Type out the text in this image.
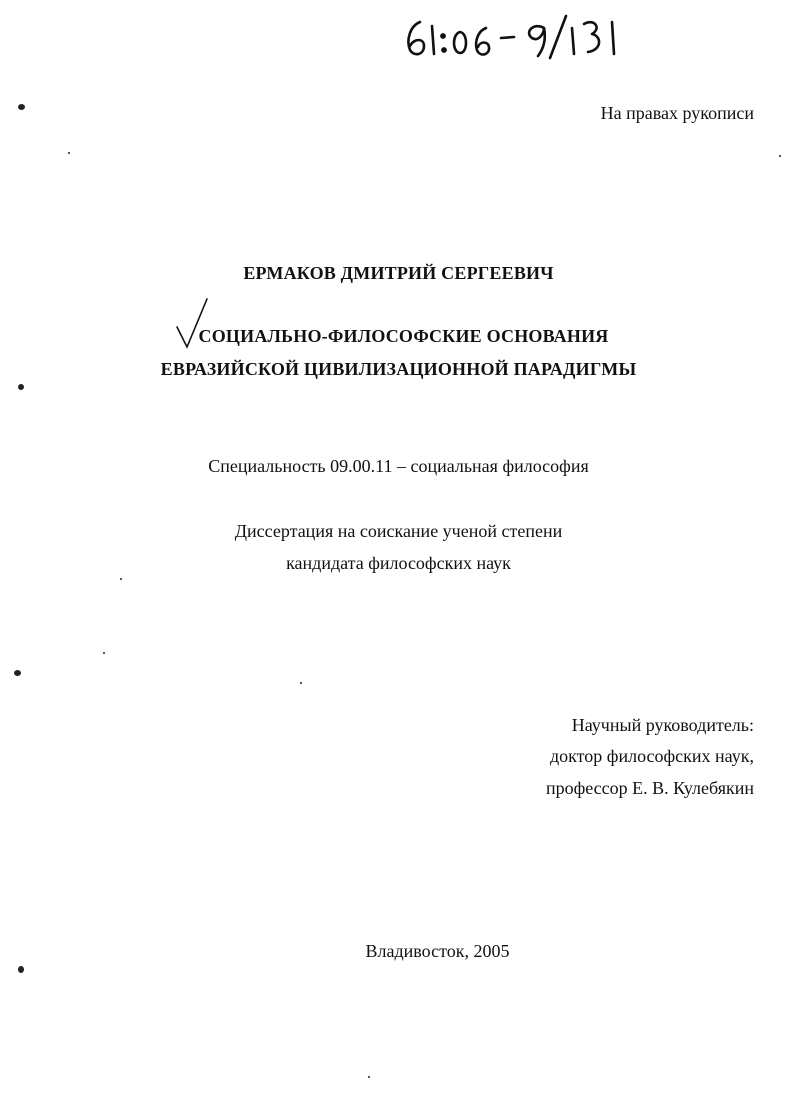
На правах рукописи
ЕРМАКОВ ДМИТРИЙ СЕРГЕЕВИЧ
СОЦИАЛЬНО-ФИЛОСОФСКИЕ ОСНОВАНИЯ
ЕВРАЗИЙСКОЙ ЦИВИЛИЗАЦИОННОЙ ПАРАДИГМЫ
Специальность 09.00.11 – социальная философия
Диссертация на соискание ученой степени
кандидата философских наук
Научный руководитель:
доктор философских наук,
профессор Е. В. Кулебякин
Владивосток, 2005
